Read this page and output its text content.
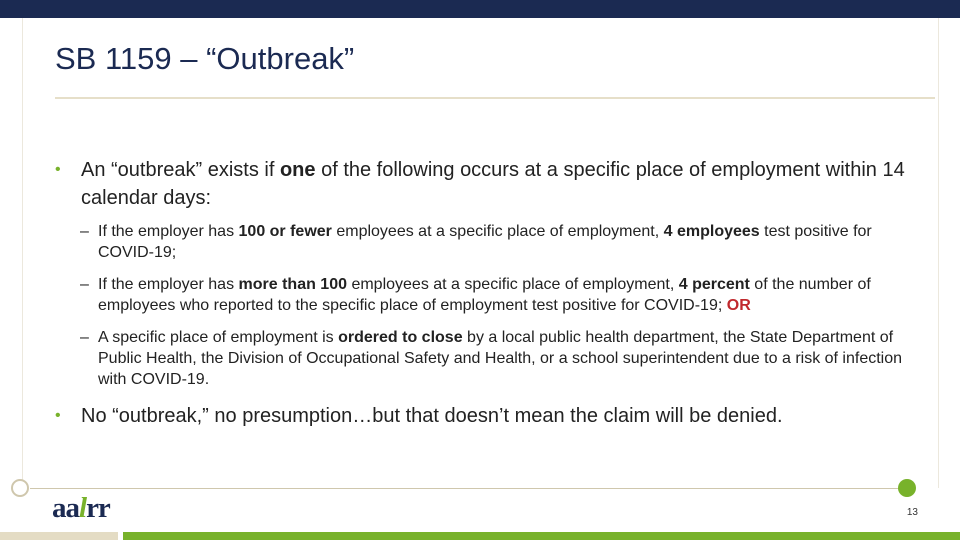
SB 1159 – “Outbreak”

• An “outbreak” exists if one of the following occurs at a specific place of employment within 14 calendar days:

– If the employer has 100 or fewer employees at a specific place of employment, 4 employees test positive for COVID-19;

– If the employer has more than 100 employees at a specific place of employment, 4 percent of the number of employees who reported to the specific place of employment test positive for COVID-19; OR

– A specific place of employment is ordered to close by a local public health department, the State Department of Public Health, the Division of Occupational Safety and Health, or a school superintendent due to a risk of infection with COVID-19.

• No “outbreak,” no presumption…but that doesn’t mean the claim will be denied.

aalrr	13
